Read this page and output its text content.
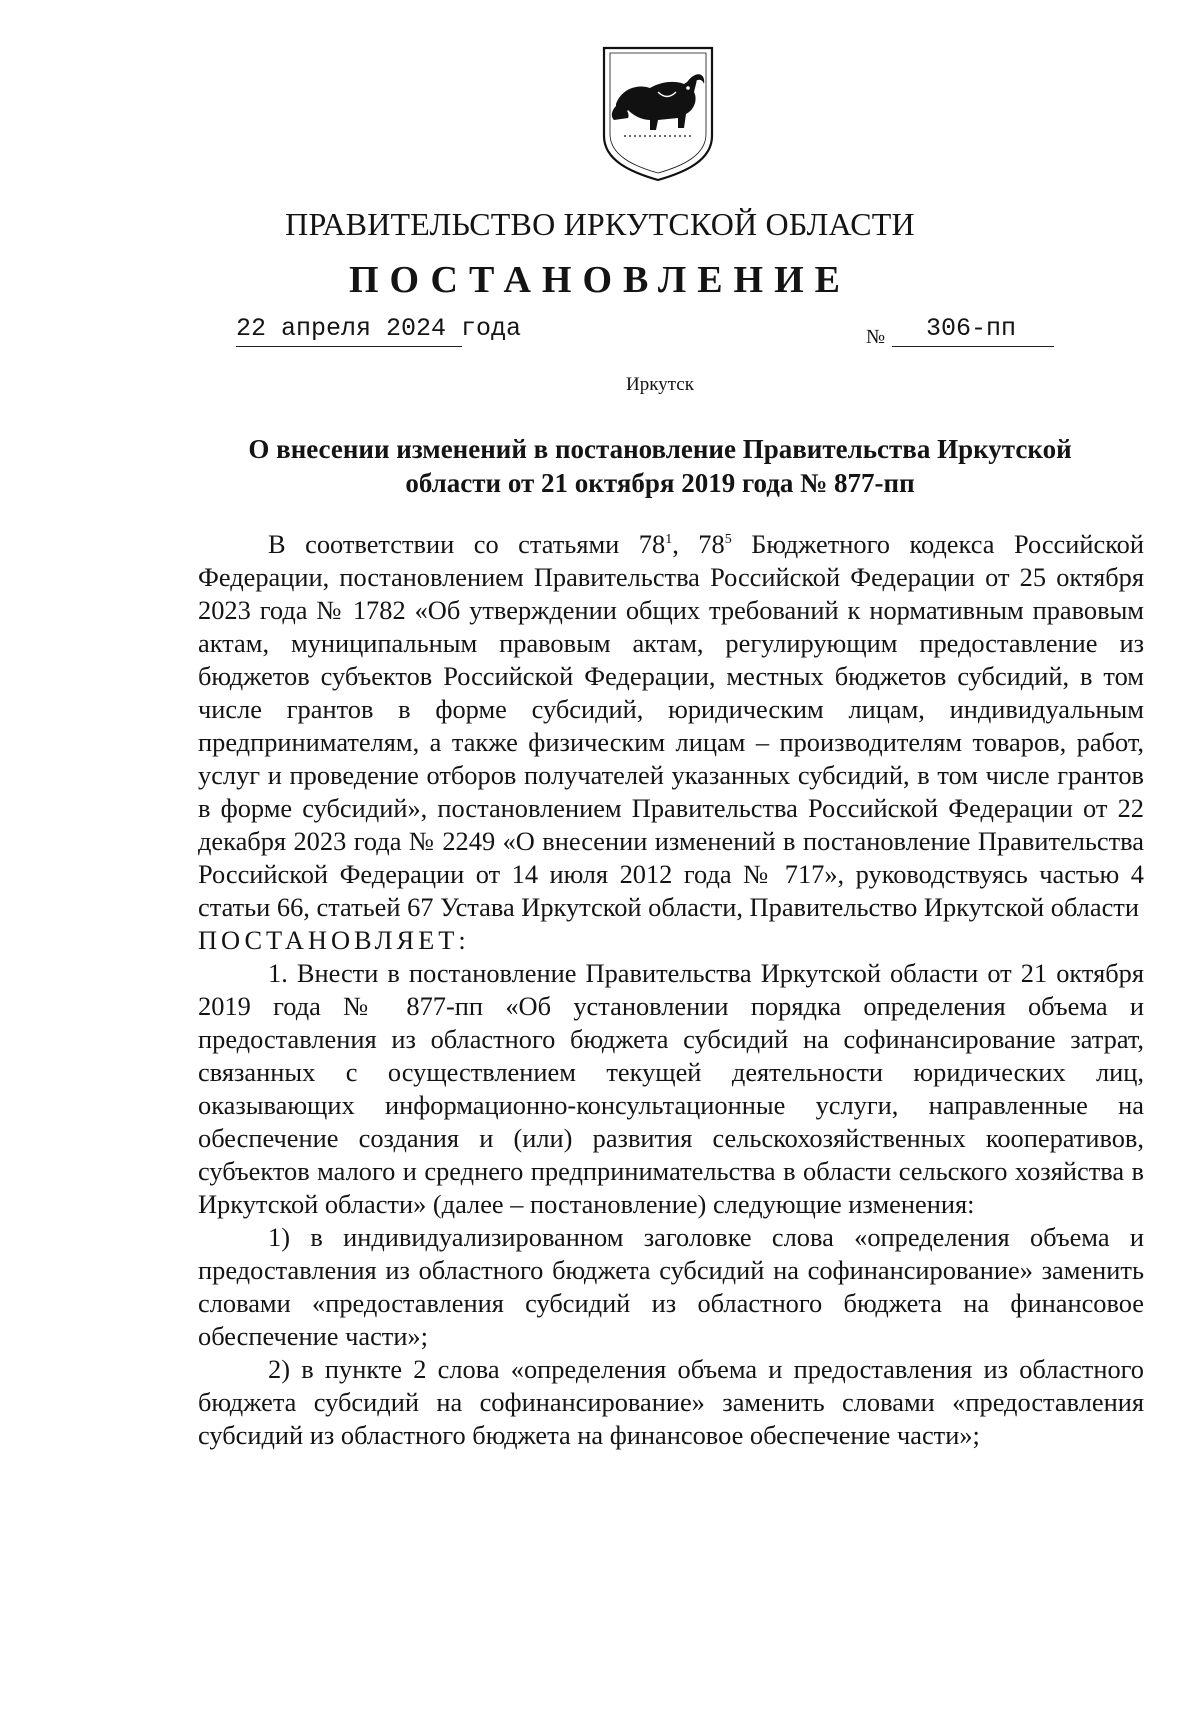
ПРАВИТЕЛЬСТВО ИРКУТСКОЙ ОБЛАСТИ
ПОСТАНОВЛЕНИЕ
22 апреля 2024 года	№ 306-пп
Иркутск
О внесении изменений в постановление Правительства Иркутской
области от 21 октября 2019 года № 877-пп

В соответствии со статьями $78^1$, $78^5$ Бюджетного кодекса Российской Федерации, постановлением Правительства Российской Федерации от 25 октября 2023 года № 1782 «Об утверждении общих требований к нормативным правовым актам, муниципальным правовым актам, регулирующим предоставление из бюджетов субъектов Российской Федерации, местных бюджетов субсидий, в том числе грантов в форме субсидий, юридическим лицам, индивидуальным предпринимателям, а также физическим лицам – производителям товаров, работ, услуг и проведение отборов получателей указанных субсидий, в том числе грантов в форме субсидий», постановлением Правительства Российской Федерации от 22 декабря 2023 года № 2249 «О внесении изменений в постановление Правительства Российской Федерации от 14 июля 2012 года № 717», руководствуясь частью 4 статьи 66, статьей 67 Устава Иркутской области, Правительство Иркутской области

ПОСТАНОВЛЯЕТ:

1. Внести в постановление Правительства Иркутской области от 21 октября 2019 года № 877-пп «Об установлении порядка определения объема и предоставления из областного бюджета субсидий на софинансирование затрат, связанных с осуществлением текущей деятельности юридических лиц, оказывающих информационно-консультационные услуги, направленные на обеспечение создания и (или) развития сельскохозяйственных кооперативов, субъектов малого и среднего предпринимательства в области сельского хозяйства в Иркутской области» (далее – постановление) следующие изменения:

1) в индивидуализированном заголовке слова «определения объема и предоставления из областного бюджета субсидий на софинансирование» заменить словами «предоставления субсидий из областного бюджета на финансовое обеспечение части»;

2) в пункте 2 слова «определения объема и предоставления из областного бюджета субсидий на софинансирование» заменить словами «предоставления субсидий из областного бюджета на финансовое обеспечение части»;
